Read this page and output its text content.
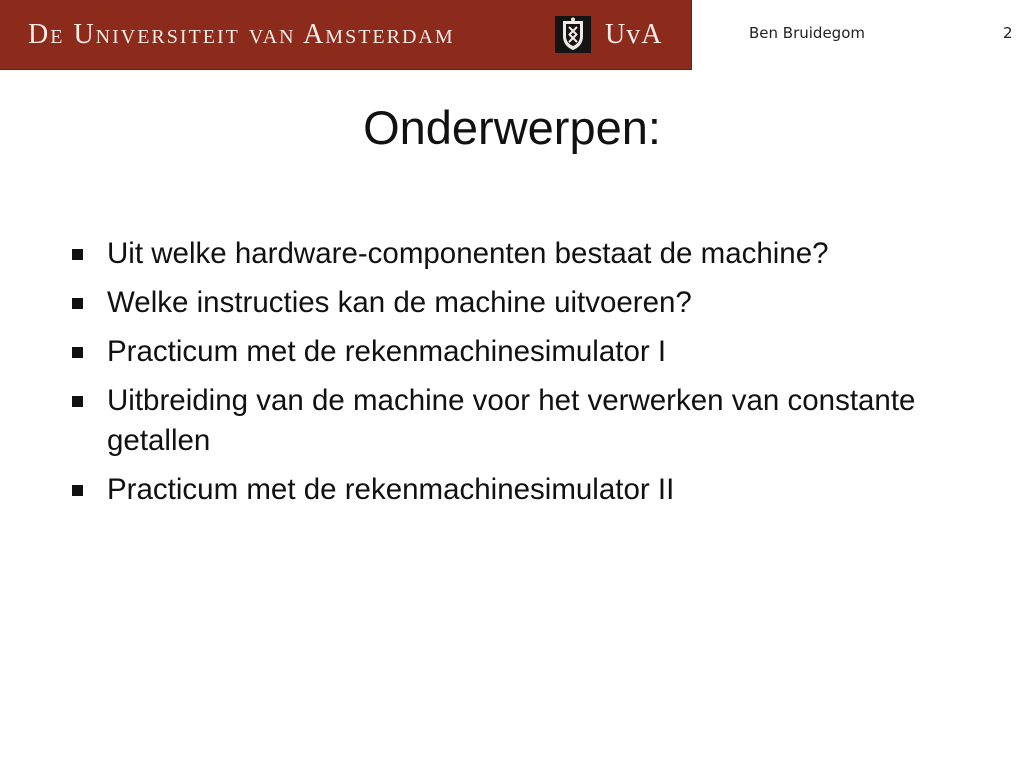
De Universiteit van Amsterdam	UvA	Ben Bruidegom	2
Onderwerpen:
Uit welke hardware-componenten bestaat de machine?
Welke instructies kan de machine uitvoeren?
Practicum met de rekenmachinesimulator I
Uitbreiding van de machine voor het verwerken van constante getallen
Practicum met de rekenmachinesimulator II
